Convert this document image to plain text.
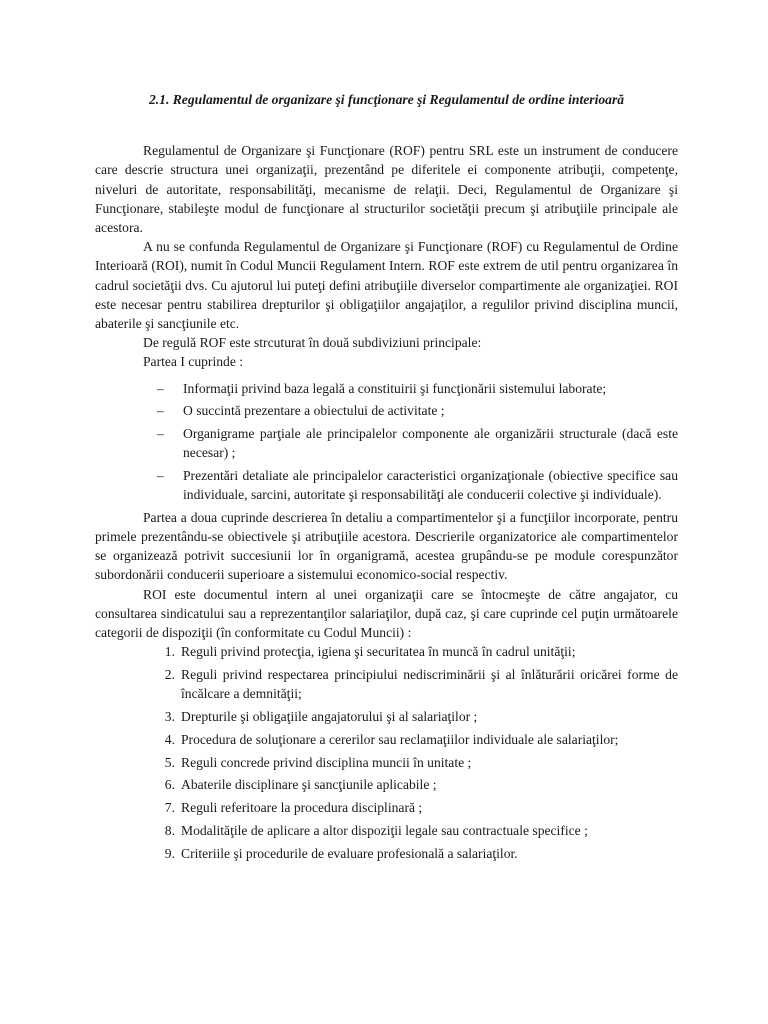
2.1. Regulamentul de organizare şi funcţionare şi Regulamentul de ordine interioară

Regulamentul de Organizare şi Funcţionare (ROF) pentru SRL este un instrument de conducere care descrie structura unei organizaţii, prezentând pe diferitele ei componente atribuţii, competenţe, niveluri de autoritate, responsabilităţi, mecanisme de relaţii. Deci, Regulamentul de Organizare şi Funcţionare, stabileşte modul de funcţionare al structurilor societăţii precum şi atribuţiile principale ale acestora.

A nu se confunda Regulamentul de Organizare şi Funcţionare (ROF) cu Regulamentul de Ordine Interioară (ROI), numit în Codul Muncii Regulament Intern. ROF este extrem de util pentru organizarea în cadrul societăţii dvs. Cu ajutorul lui puteţi defini atribuţiile diverselor compartimente ale organizaţiei. ROI este necesar pentru stabilirea drepturilor şi obligaţiilor angajaţilor, a regulilor privind disciplina muncii, abaterile şi sancţiunile etc.

De regulă ROF este strcuturat în două subdiviziuni principale:

Partea I cuprinde :

– Informaţii privind baza legală a constituirii şi funcţionării sistemului laborate;
– O succintă prezentare a obiectului de activitate ;
– Organigrame parţiale ale principalelor componente ale organizării structurale (dacă este necesar) ;
– Prezentări detaliate ale principalelor caracteristici organizaţionale (obiective specifice sau individuale, sarcini, autoritate şi responsabilităţi ale conducerii colective şi individuale).

Partea a doua cuprinde descrierea în detaliu a compartimentelor şi a funcţiilor incorporate, pentru primele prezentându-se obiectivele şi atribuţiile acestora. Descrierile organizatorice ale compartimentelor se organizează potrivit succesiunii lor în organigramă, acestea grupându-se pe module corespunzător subordonării conducerii superioare a sistemului economico-social respectiv.

ROI este documentul intern al unei organizaţii care se întocmeşte de către angajator, cu consultarea sindicatului sau a reprezentanţilor salariaţilor, după caz, şi care cuprinde cel puţin următoarele categorii de dispoziţii (în conformitate cu Codul Muncii) :

1. Reguli privind protecţia, igiena şi securitatea în muncă în cadrul unităţii;
2. Reguli privind respectarea principiului nediscriminării şi al înlăturării oricărei forme de încălcare a demnităţii;
3. Drepturile şi obligaţiile angajatorului şi al salariaţilor ;
4. Procedura de soluţionare a cererilor sau reclamaţiilor individuale ale salariaţilor;
5. Reguli concrede privind disciplina muncii în unitate ;
6. Abaterile disciplinare şi sancţiunile aplicabile ;
7. Reguli referitoare la procedura disciplinară ;
8. Modalităţile de aplicare a altor dispoziţii legale sau contractuale specifice ;
9. Criteriile şi procedurile de evaluare profesională a salariaţilor.
